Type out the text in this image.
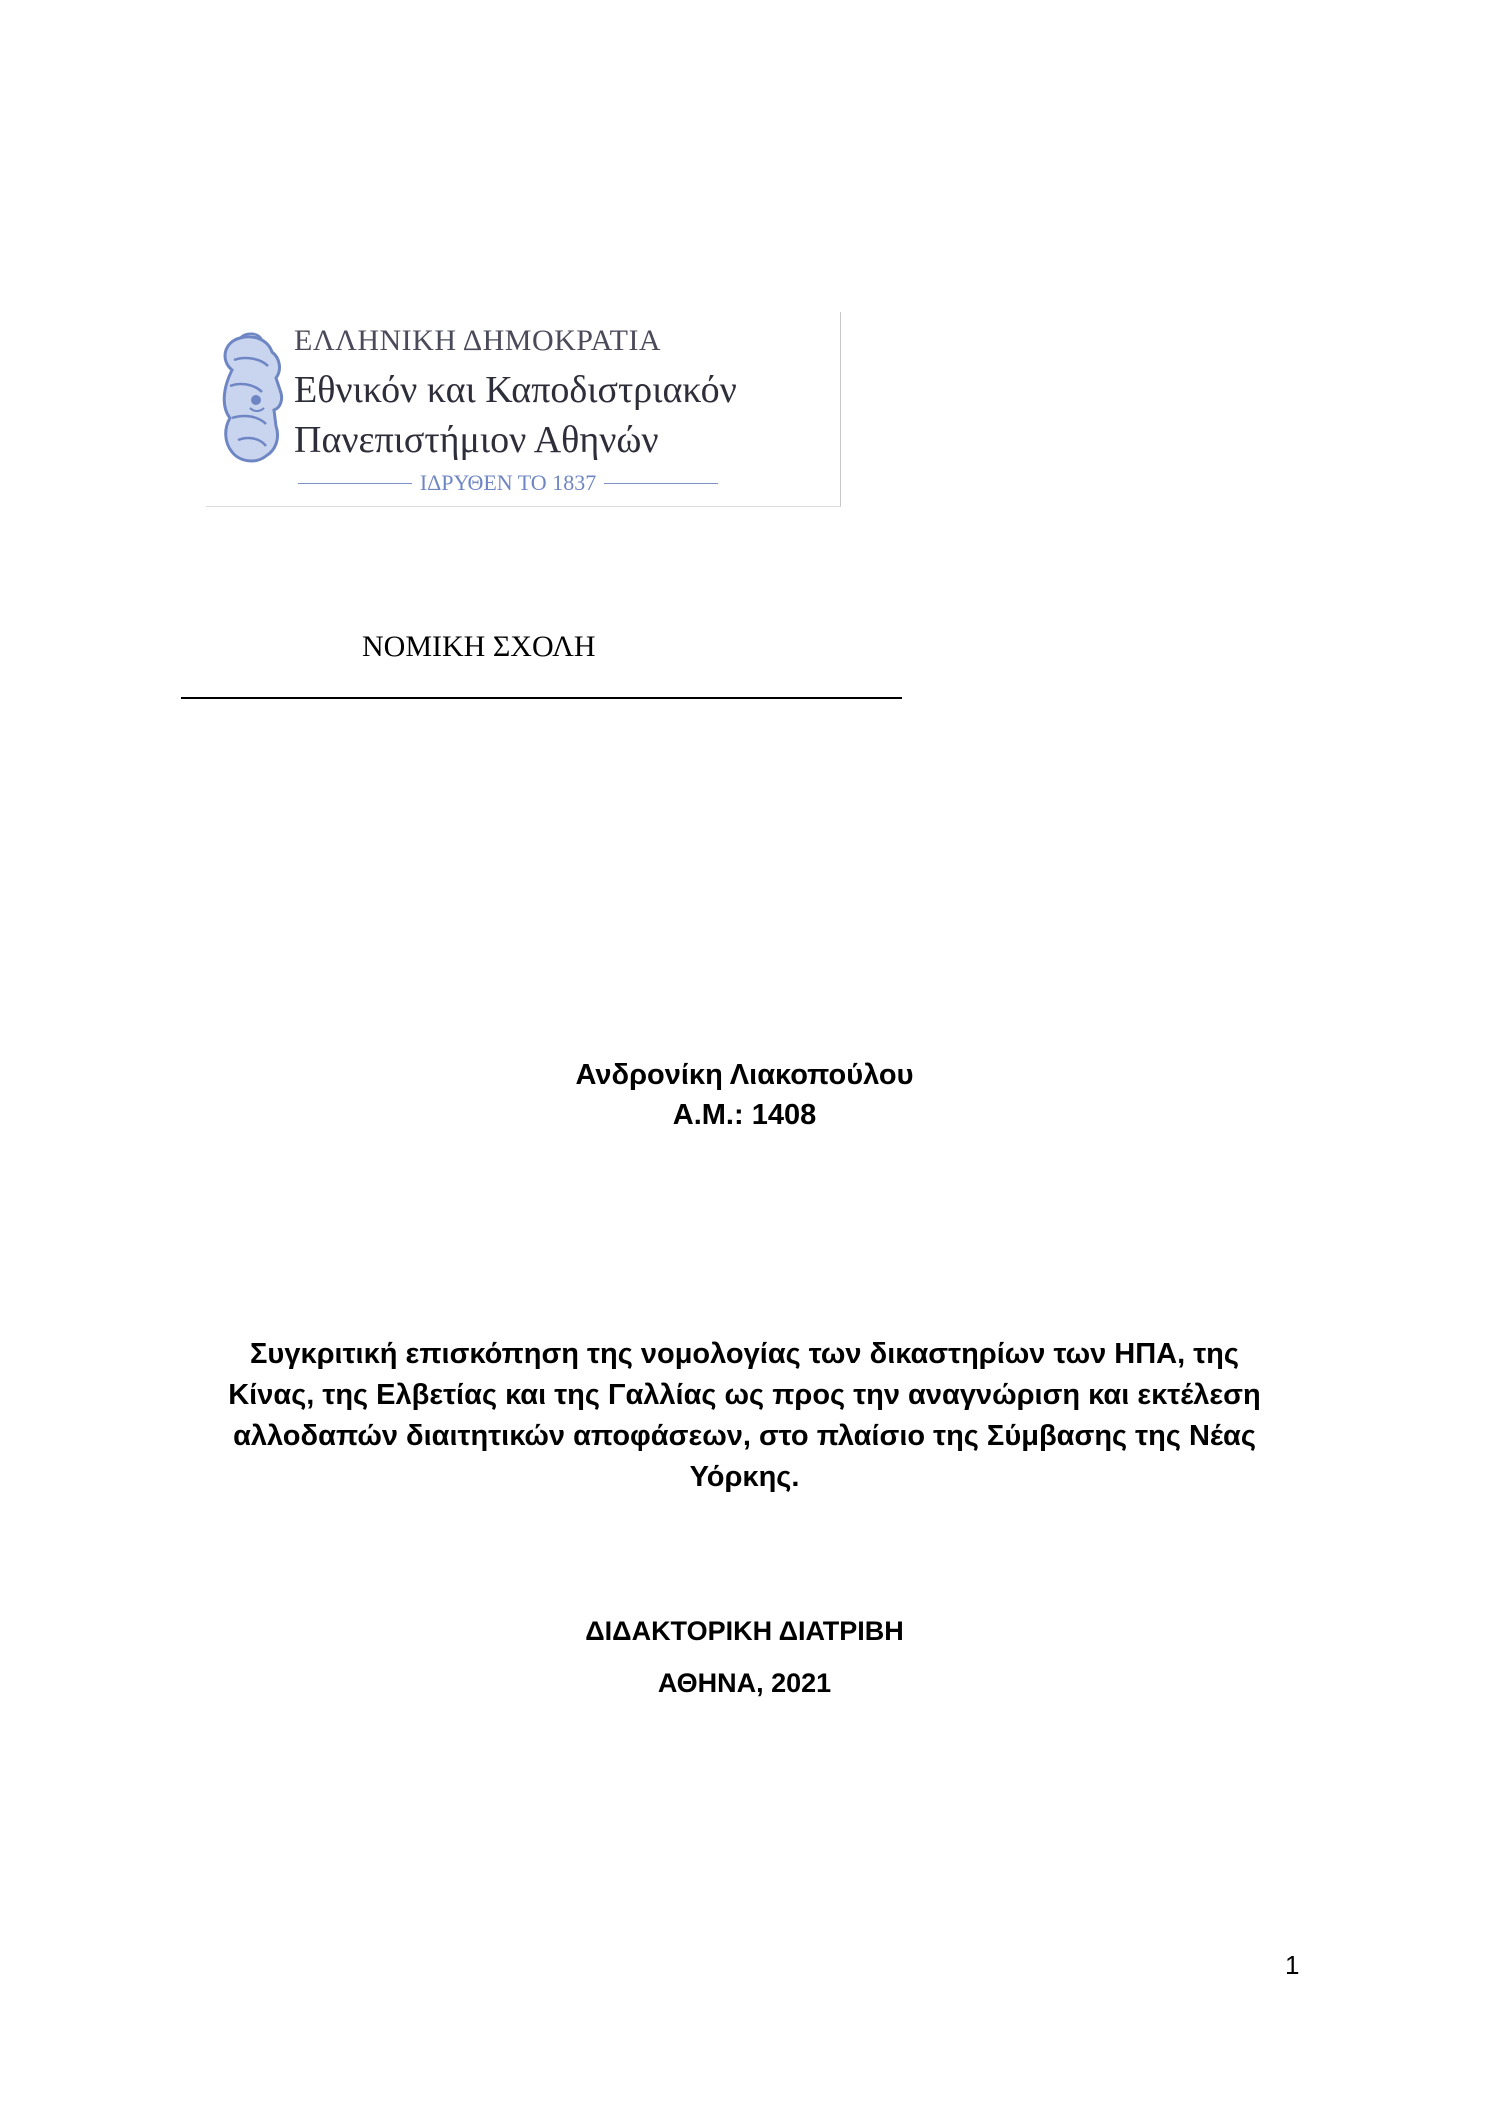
ΕΛΛΗΝΙΚΗ ΔΗΜΟΚΡΑΤΙΑ
Εθνικόν και Καποδιστριακόν
Πανεπιστήμιον Αθηνών
ΙΔΡΥΘΕΝ ΤΟ 1837
ΝΟΜΙΚΗ ΣΧΟΛΗ
Ανδρονίκη Λιακοπούλου
Α.Μ.: 1408
Συγκριτική επισκόπηση της νομολογίας των δικαστηρίων των ΗΠΑ, της
Κίνας, της Ελβετίας και της Γαλλίας ως προς την αναγνώριση και εκτέλεση
αλλοδαπών διαιτητικών αποφάσεων, στο πλαίσιο της Σύμβασης της Νέας
Υόρκης.
ΔΙΔΑΚΤΟΡΙΚΗ ΔΙΑΤΡΙΒΗ
ΑΘΗΝΑ, 2021
1
